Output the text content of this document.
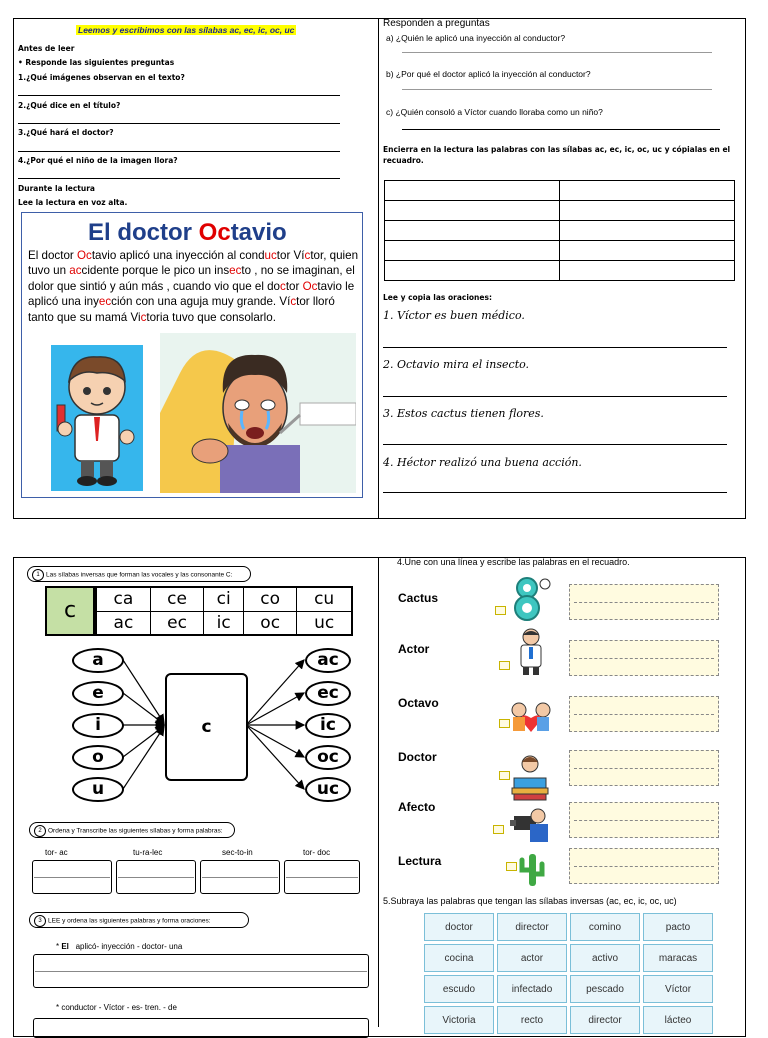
Leemos y escribimos con las sílabas ac, ec, ic, oc, uc
Antes de leer
• Responde las siguientes preguntas
1.¿Qué imágenes observan en el texto?
2.¿Qué dice en el título?
3.¿Qué hará el doctor?
4.¿Por qué el niño de la imagen llora?
Durante la lectura
Lee la lectura en voz alta.
El doctor Octavio
El doctor Octavio aplicó una inyección al conductor Víctor, quien tuvo un accidente porque le pico un insecto , no se imaginan, el dolor que sintió y aún más , cuando vio que el doctor Octavio le aplicó una inyección con una aguja muy grande. Víctor lloró tanto que su mamá Victoria tuvo que consolarlo.
Responden a preguntas
a) ¿Quién le aplicó una inyección al conductor?
b) ¿Por qué el doctor aplicó la inyección al conductor?
c) ¿Quién consoló a Víctor cuando lloraba como un niño?
Encierra en la lectura las palabras con las sílabas ac, ec, ic, oc, uc y cópialas en el recuadro.

Lee y copia las oraciones:
1. Víctor es buen médico.
2. Octavio mira el insecto.
3. Estos cactus tienen flores.
4. Héctor realizó una buena acción.
1 Las sílabas inversas que forman las vocales y las consonante C:
c	ca	ce	ci	co	cu
ac	ec	ic	oc	uc
a
e
i
o
u
c
ac
ec
ic
oc
uc
2 Ordena y Transcribe las siguientes sílabas y forma palabras:
tor- ac	tu-ra-lec	sec-to-in	tor- doc
3 LEE y ordena las siguientes palabras y forma oraciones:
* El aplicó- inyección - doctor- una
* conductor - Víctor - es- tren. - de
4.Une con una línea y escribe las palabras en el recuadro.
Cactus
Actor
Octavo
Doctor
Afecto
Lectura
5.Subraya las palabras que tengan las sílabas inversas (ac, ec, ic, oc, uc)
doctor	director	comino	pacto
cocina	actor	activo	maracas
escudo	infectado	pescado	Víctor
Victoria	recto	director	lácteo
